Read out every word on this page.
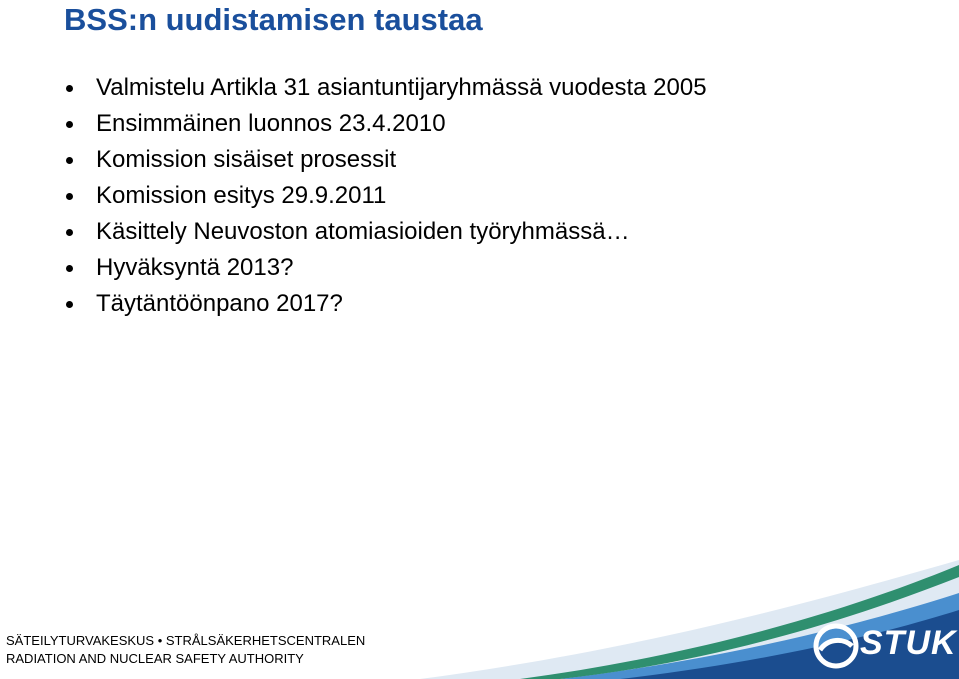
BSS:n uudistamisen taustaa
Valmistelu Artikla 31 asiantuntijaryhmässä vuodesta 2005
Ensimmäinen luonnos 23.4.2010
Komission sisäiset prosessit
Komission esitys 29.9.2011
Käsittely Neuvoston atomiasioiden työryhmässä…
Hyväksyntä 2013?
Täytäntöönpano 2017?
SÄTEILYTURVAKESKUS • STRÅLSÄKERHETSCENTRALEN
RADIATION AND NUCLEAR SAFETY AUTHORITY	STUK
